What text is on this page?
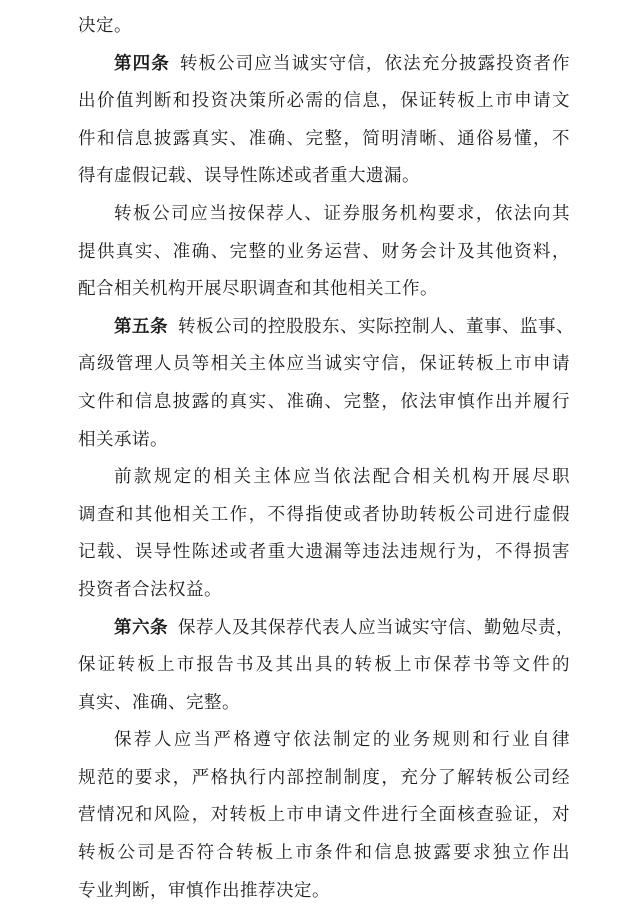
决定。
第四条 转板公司应当诚实守信，依法充分披露投资者作
出价值判断和投资决策所必需的信息，保证转板上市申请文
件和信息披露真实、准确、完整，简明清晰、通俗易懂，不
得有虚假记载、误导性陈述或者重大遗漏。
转板公司应当按保荐人、证券服务机构要求，依法向其
提供真实、准确、完整的业务运营、财务会计及其他资料，
配合相关机构开展尽职调查和其他相关工作。
第五条 转板公司的控股股东、实际控制人、董事、监事、
高级管理人员等相关主体应当诚实守信，保证转板上市申请
文件和信息披露的真实、准确、完整，依法审慎作出并履行
相关承诺。
前款规定的相关主体应当依法配合相关机构开展尽职
调查和其他相关工作，不得指使或者协助转板公司进行虚假
记载、误导性陈述或者重大遗漏等违法违规行为，不得损害
投资者合法权益。
第六条 保荐人及其保荐代表人应当诚实守信、勤勉尽责，
保证转板上市报告书及其出具的转板上市保荐书等文件的
真实、准确、完整。
保荐人应当严格遵守依法制定的业务规则和行业自律
规范的要求，严格执行内部控制制度，充分了解转板公司经
营情况和风险，对转板上市申请文件进行全面核查验证，对
转板公司是否符合转板上市条件和信息披露要求独立作出
专业判断，审慎作出推荐决定。
